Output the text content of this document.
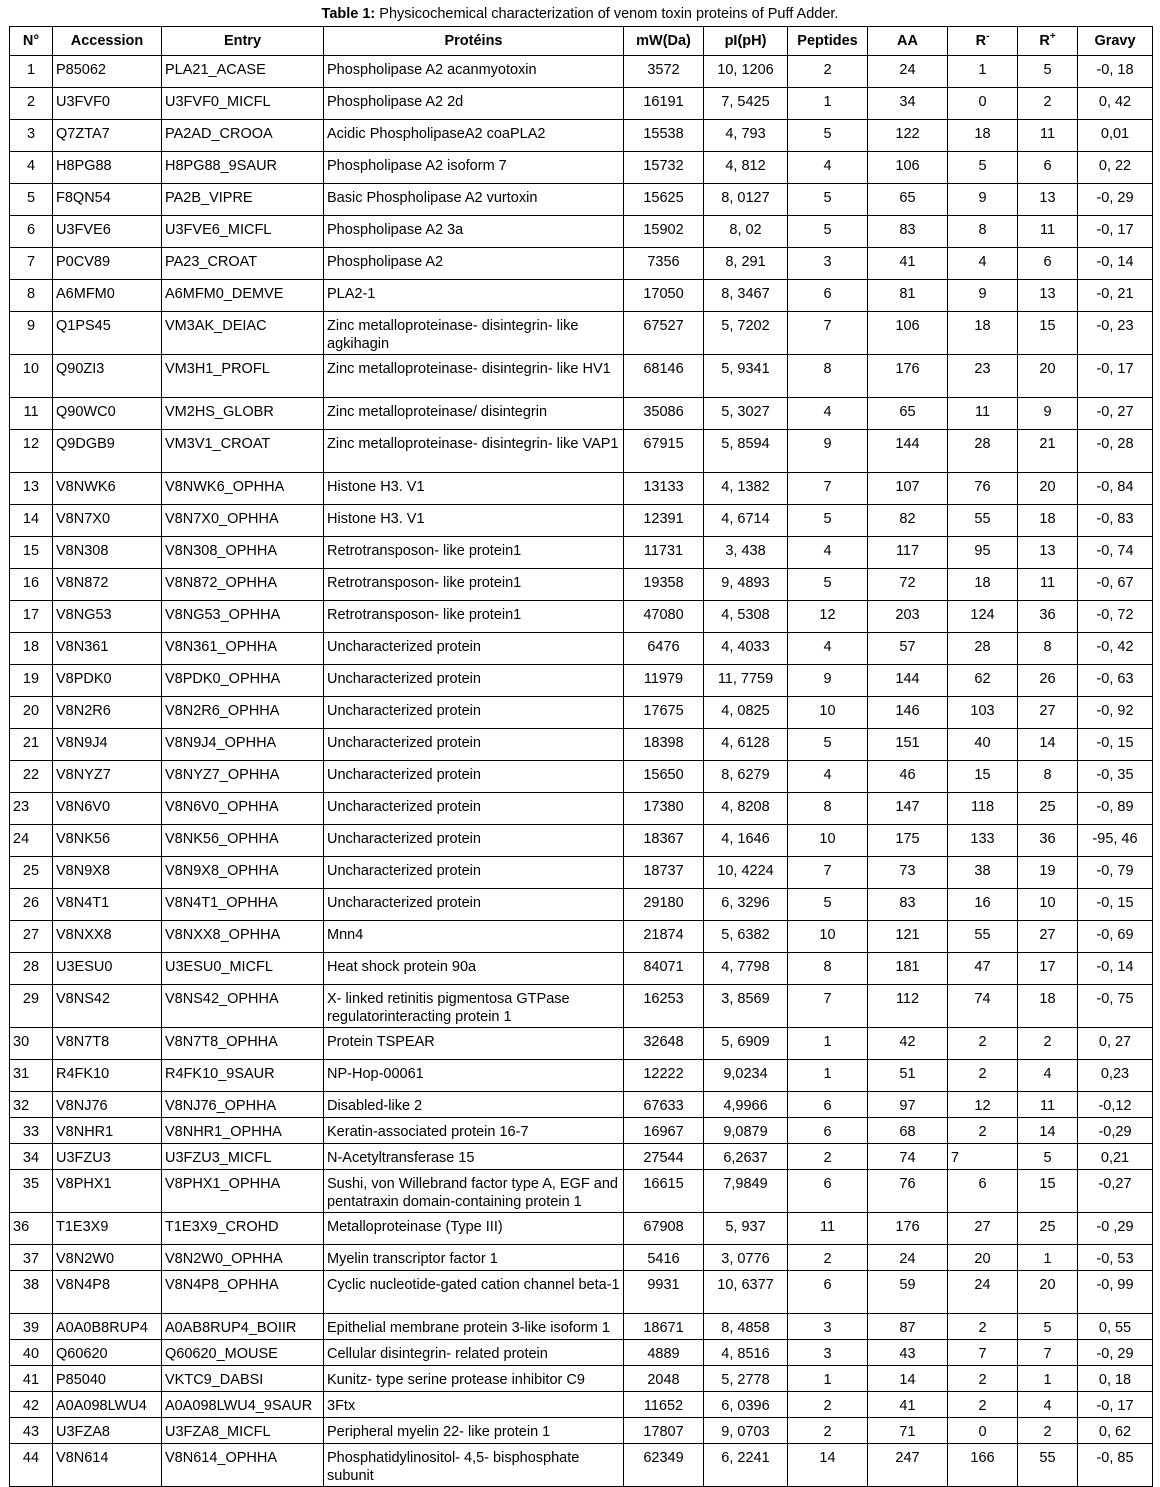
Table 1: Physicochemical characterization of venom toxin proteins of Puff Adder.
N°	Accession	Entry	Protéins	mW(Da)	pI(pH)	Peptides	AA	R-	R+	Gravy
1	P85062	PLA21_ACASE	Phospholipase A2 acanmyotoxin	3572	10, 1206	2	24	1	5	-0, 18
2	U3FVF0	U3FVF0_MICFL	Phospholipase A2 2d	16191	7, 5425	1	34	0	2	0, 42
3	Q7ZTA7	PA2AD_CROOA	Acidic PhospholipaseA2 coaPLA2	15538	4, 793	5	122	18	11	0,01
4	H8PG88	H8PG88_9SAUR	Phospholipase A2 isoform 7	15732	4, 812	4	106	5	6	0, 22
5	F8QN54	PA2B_VIPRE	Basic Phospholipase A2 vurtoxin	15625	8, 0127	5	65	9	13	-0, 29
6	U3FVE6	U3FVE6_MICFL	Phospholipase A2 3a	15902	8, 02	5	83	8	11	-0, 17
7	P0CV89	PA23_CROAT	Phospholipase A2	7356	8, 291	3	41	4	6	-0, 14
8	A6MFM0	A6MFM0_DEMVE	PLA2-1	17050	8, 3467	6	81	9	13	-0, 21
9	Q1PS45	VM3AK_DEIAC	Zinc metalloproteinase- disintegrin- like agkihagin	67527	5, 7202	7	106	18	15	-0, 23
10	Q90ZI3	VM3H1_PROFL	Zinc metalloproteinase- disintegrin- like HV1	68146	5, 9341	8	176	23	20	-0, 17
11	Q90WC0	VM2HS_GLOBR	Zinc metalloproteinase/ disintegrin	35086	5, 3027	4	65	11	9	-0, 27
12	Q9DGB9	VM3V1_CROAT	Zinc metalloproteinase- disintegrin- like VAP1	67915	5, 8594	9	144	28	21	-0, 28
13	V8NWK6	V8NWK6_OPHHA	Histone H3. V1	13133	4, 1382	7	107	76	20	-0, 84
14	V8N7X0	V8N7X0_OPHHA	Histone H3. V1	12391	4, 6714	5	82	55	18	-0, 83
15	V8N308	V8N308_OPHHA	Retrotransposon- like protein1	11731	3, 438	4	117	95	13	-0, 74
16	V8N872	V8N872_OPHHA	Retrotransposon- like protein1	19358	9, 4893	5	72	18	11	-0, 67
17	V8NG53	V8NG53_OPHHA	Retrotransposon- like protein1	47080	4, 5308	12	203	124	36	-0, 72
18	V8N361	V8N361_OPHHA	Uncharacterized protein	6476	4, 4033	4	57	28	8	-0, 42
19	V8PDK0	V8PDK0_OPHHA	Uncharacterized protein	11979	11, 7759	9	144	62	26	-0, 63
20	V8N2R6	V8N2R6_OPHHA	Uncharacterized protein	17675	4, 0825	10	146	103	27	-0, 92
21	V8N9J4	V8N9J4_OPHHA	Uncharacterized protein	18398	4, 6128	5	151	40	14	-0, 15
22	V8NYZ7	V8NYZ7_OPHHA	Uncharacterized protein	15650	8, 6279	4	46	15	8	-0, 35
23	V8N6V0	V8N6V0_OPHHA	Uncharacterized protein	17380	4, 8208	8	147	118	25	-0, 89
24	V8NK56	V8NK56_OPHHA	Uncharacterized protein	18367	4, 1646	10	175	133	36	-95, 46
25	V8N9X8	V8N9X8_OPHHA	Uncharacterized protein	18737	10, 4224	7	73	38	19	-0, 79
26	V8N4T1	V8N4T1_OPHHA	Uncharacterized protein	29180	6, 3296	5	83	16	10	-0, 15
27	V8NXX8	V8NXX8_OPHHA	Mnn4	21874	5, 6382	10	121	55	27	-0, 69
28	U3ESU0	U3ESU0_MICFL	Heat shock protein 90a	84071	4, 7798	8	181	47	17	-0, 14
29	V8NS42	V8NS42_OPHHA	X- linked retinitis pigmentosa GTPase regulatorinteracting protein 1	16253	3, 8569	7	112	74	18	-0, 75
30	V8N7T8	V8N7T8_OPHHA	Protein TSPEAR	32648	5, 6909	1	42	2	2	0, 27
31	R4FK10	R4FK10_9SAUR	NP-Hop-00061	12222	9,0234	1	51	2	4	0,23
32	V8NJ76	V8NJ76_OPHHA	Disabled-like 2	67633	4,9966	6	97	12	11	-0,12
33	V8NHR1	V8NHR1_OPHHA	Keratin-associated protein 16-7	16967	9,0879	6	68	2	14	-0,29
34	U3FZU3	U3FZU3_MICFL	N-Acetyltransferase 15	27544	6,2637	2	74	7	5	0,21
35	V8PHX1	V8PHX1_OPHHA	Sushi, von Willebrand factor type A, EGF and pentatraxin domain-containing protein 1	16615	7,9849	6	76	6	15	-0,27
36	T1E3X9	T1E3X9_CROHD	Metalloproteinase (Type III)	67908	5, 937	11	176	27	25	-0 ,29
37	V8N2W0	V8N2W0_OPHHA	Myelin transcriptor factor 1	5416	3, 0776	2	24	20	1	-0, 53
38	V8N4P8	V8N4P8_OPHHA	Cyclic nucleotide-gated cation channel beta-1	9931	10, 6377	6	59	24	20	-0, 99
39	A0A0B8RUP4	A0AB8RUP4_BOIIR	Epithelial membrane protein 3-like isoform 1	18671	8, 4858	3	87	2	5	0, 55
40	Q60620	Q60620_MOUSE	Cellular disintegrin- related protein	4889	4, 8516	3	43	7	7	-0, 29
41	P85040	VKTC9_DABSI	Kunitz- type serine protease inhibitor C9	2048	5, 2778	1	14	2	1	0, 18
42	A0A098LWU4	A0A098LWU4_9SAUR	3Ftx	11652	6, 0396	2	41	2	4	-0, 17
43	U3FZA8	U3FZA8_MICFL	Peripheral myelin 22- like protein 1	17807	9, 0703	2	71	0	2	0, 62
44	V8N614	V8N614_OPHHA	Phosphatidylinositol- 4,5- bisphosphate subunit	62349	6, 2241	14	247	166	55	-0, 85
